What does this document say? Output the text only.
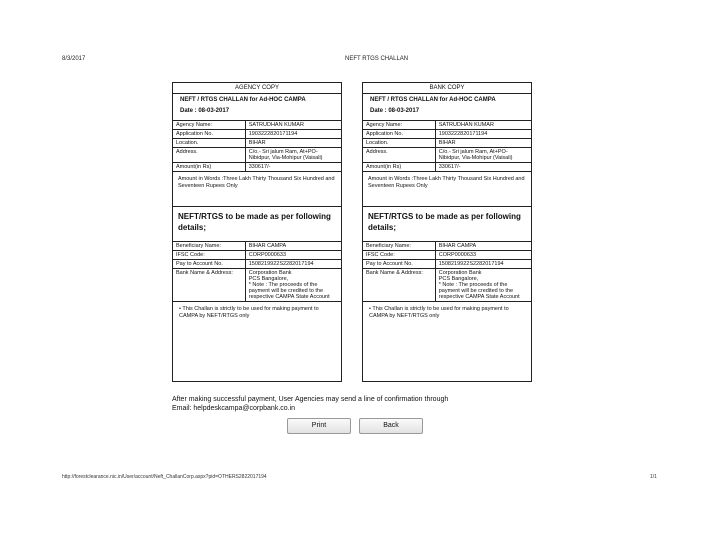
8/3/2017	NEFT RTGS CHALLAN
AGENCY COPY
NEFT / RTGS CHALLAN for Ad-HOC CAMPA
Date : 08-03-2017
Agency Name:	SATRUDHAN KUMAR
Application No.	1903222820171194
Location.	BIHAR
Address.	C/o.- Sri jalum Ram, At+PO-Nibidpur, Via-Mohipur (Vaisali)
Amount(in Rs)	330617/-
Amount in Words :Three Lakh Thirty Thousand Six Hundred and Seventeen Rupees Only
NEFT/RTGS to be made as per following details;
Beneficiary Name:	BIHAR CAMPA
IFSC Code:	CORP0000633
Pay to Account No.	1508219922S2282017194
Bank Name & Address:	Corporation Bank
PCS Bangalore,
* Note : The proceeds of the payment will be credited to the respective CAMPA State Account
• This Challan is strictly to be used for making payment to CAMPA by NEFT/RTGS only
BANK COPY
NEFT / RTGS CHALLAN for Ad-HOC CAMPA
Date : 08-03-2017
Agency Name:	SATRUDHAN KUMAR
Application No.	1903222820171194
Location.	BIHAR
Address.	C/o.- Sri jalum Ram, At+PO-Nibidpur, Via-Mohipur (Vaisali)
Amount(in Rs)	330617/-
Amount in Words :Three Lakh Thirty Thousand Six Hundred and Seventeen Rupees Only
NEFT/RTGS to be made as per following details;
Beneficiary Name:	BIHAR CAMPA
IFSC Code:	CORP0000633
Pay to Account No.	1508219922S2282017194
Bank Name & Address:	Corporation Bank
PCS Bangalore,
* Note : The proceeds of the payment will be credited to the respective CAMPA State Account
• This Challan is strictly to be used for making payment to CAMPA by NEFT/RTGS only
After making successful payment, User Agencies may send a line of confirmation through
Email: helpdeskcampa@corpbank.co.in
Print	Back
http://forestclearance.nic.in/User/account/Neft_ChallanCorp.aspx?pid=OTHERS2822017194	1/1
